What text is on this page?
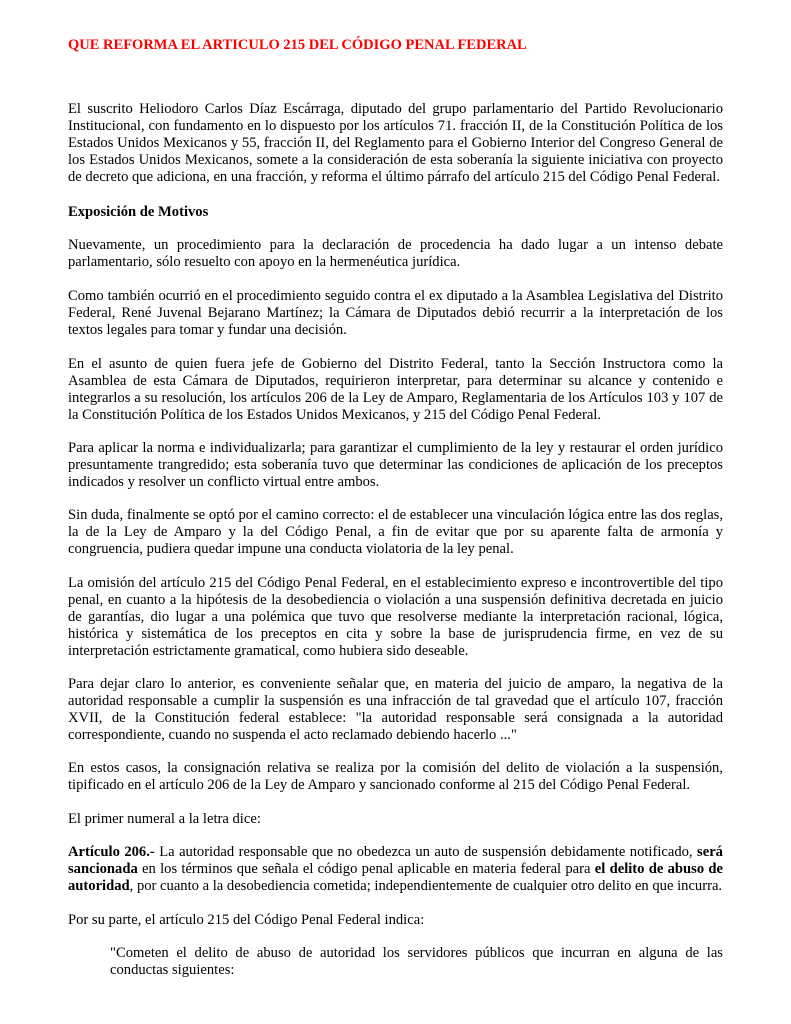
QUE REFORMA EL ARTICULO 215 DEL CÓDIGO PENAL FEDERAL
El suscrito Heliodoro Carlos Díaz Escárraga, diputado del grupo parlamentario del Partido Revolucionario Institucional, con fundamento en lo dispuesto por los artículos 71. fracción II, de la Constitución Política de los Estados Unidos Mexicanos y 55, fracción II, del Reglamento para el Gobierno Interior del Congreso General de los Estados Unidos Mexicanos, somete a la consideración de esta soberanía la siguiente iniciativa con proyecto de decreto que adiciona, en una fracción, y reforma el último párrafo del artículo 215 del Código Penal Federal.
Exposición de Motivos
Nuevamente, un procedimiento para la declaración de procedencia ha dado lugar a un intenso debate parlamentario, sólo resuelto con apoyo en la hermenéutica jurídica.
Como también ocurrió en el procedimiento seguido contra el ex diputado a la Asamblea Legislativa del Distrito Federal, René Juvenal Bejarano Martínez; la Cámara de Diputados debió recurrir a la interpretación de los textos legales para tomar y fundar una decisión.
En el asunto de quien fuera jefe de Gobierno del Distrito Federal, tanto la Sección Instructora como la Asamblea de esta Cámara de Diputados, requirieron interpretar, para determinar su alcance y contenido e integrarlos a su resolución, los artículos 206 de la Ley de Amparo, Reglamentaria de los Artículos 103 y 107 de la Constitución Política de los Estados Unidos Mexicanos, y 215 del Código Penal Federal.
Para aplicar la norma e individualizarla; para garantizar el cumplimiento de la ley y restaurar el orden jurídico presuntamente trangredido; esta soberanía tuvo que determinar las condiciones de aplicación de los preceptos indicados y resolver un conflicto virtual entre ambos.
Sin duda, finalmente se optó por el camino correcto: el de establecer una vinculación lógica entre las dos reglas, la de la Ley de Amparo y la del Código Penal, a fin de evitar que por su aparente falta de armonía y congruencia, pudiera quedar impune una conducta violatoria de la ley penal.
La omisión del artículo 215 del Código Penal Federal, en el establecimiento expreso e incontrovertible del tipo penal, en cuanto a la hipótesis de la desobediencia o violación a una suspensión definitiva decretada en juicio de garantías, dio lugar a una polémica que tuvo que resolverse mediante la interpretación racional, lógica, histórica y sistemática de los preceptos en cita y sobre la base de jurisprudencia firme, en vez de su interpretación estrictamente gramatical, como hubiera sido deseable.
Para dejar claro lo anterior, es conveniente señalar que, en materia del juicio de amparo, la negativa de la autoridad responsable a cumplir la suspensión es una infracción de tal gravedad que el artículo 107, fracción XVII, de la Constitución federal establece: "la autoridad responsable será consignada a la autoridad correspondiente, cuando no suspenda el acto reclamado debiendo hacerlo ..."
En estos casos, la consignación relativa se realiza por la comisión del delito de violación a la suspensión, tipificado en el artículo 206 de la Ley de Amparo y sancionado conforme al 215 del Código Penal Federal.
El primer numeral a la letra dice:
Artículo 206.- La autoridad responsable que no obedezca un auto de suspensión debidamente notificado, será sancionada en los términos que señala el código penal aplicable en materia federal para el delito de abuso de autoridad, por cuanto a la desobediencia cometida; independientemente de cualquier otro delito en que incurra.
Por su parte, el artículo 215 del Código Penal Federal indica:
"Cometen el delito de abuso de autoridad los servidores públicos que incurran en alguna de las conductas siguientes:
